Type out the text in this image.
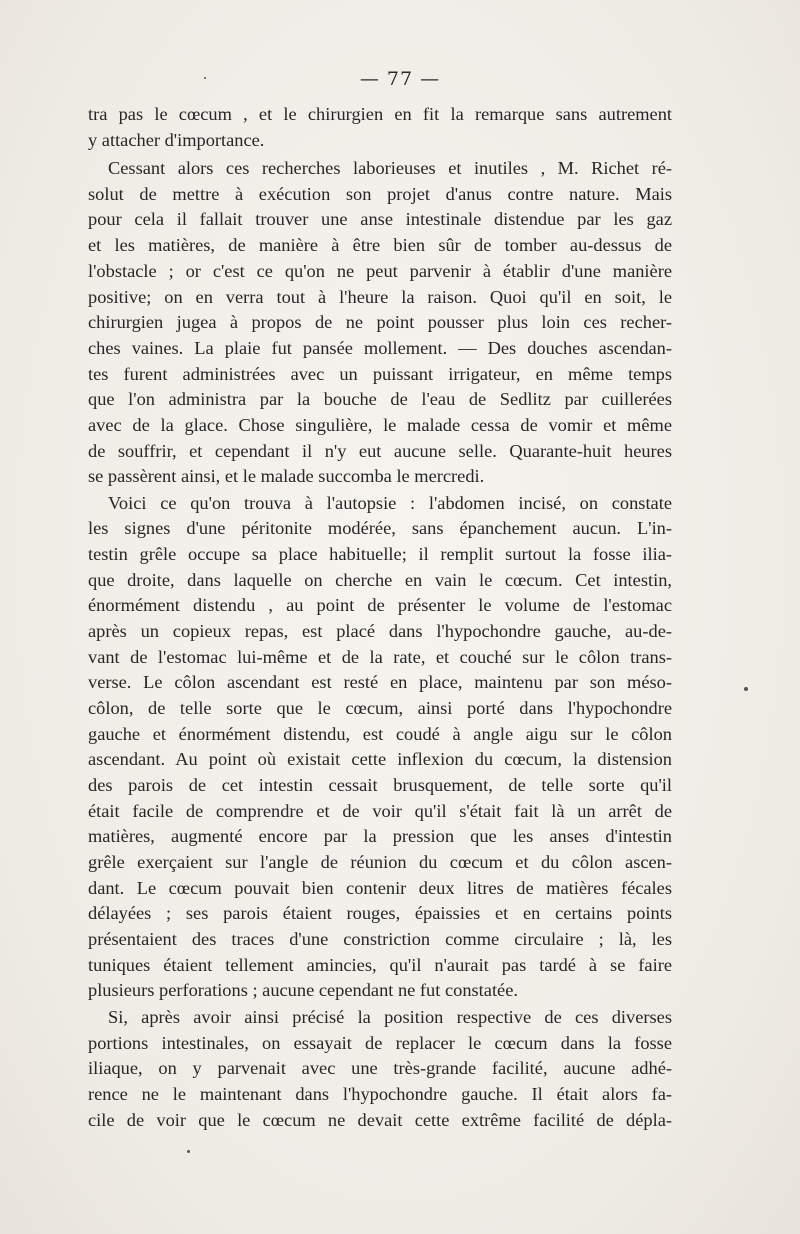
— 77 —
tra pas le cœcum , et le chirurgien en fit la remarque sans autrement
y attacher d'importance.
Cessant alors ces recherches laborieuses et inutiles , M. Richet ré-
solut de mettre à exécution son projet d'anus contre nature. Mais
pour cela il fallait trouver une anse intestinale distendue par les gaz
et les matières, de manière à être bien sûr de tomber au-dessus de
l'obstacle ; or c'est ce qu'on ne peut parvenir à établir d'une manière
positive; on en verra tout à l'heure la raison. Quoi qu'il en soit, le
chirurgien jugea à propos de ne point pousser plus loin ces recher-
ches vaines. La plaie fut pansée mollement. — Des douches ascendan-
tes furent administrées avec un puissant irrigateur, en même temps
que l'on administra par la bouche de l'eau de Sedlitz par cuillerées
avec de la glace. Chose singulière, le malade cessa de vomir et même
de souffrir, et cependant il n'y eut aucune selle. Quarante-huit heures
se passèrent ainsi, et le malade succomba le mercredi.
Voici ce qu'on trouva à l'autopsie : l'abdomen incisé, on constate
les signes d'une péritonite modérée, sans épanchement aucun. L'in-
testin grêle occupe sa place habituelle; il remplit surtout la fosse ilia-
que droite, dans laquelle on cherche en vain le cœcum. Cet intestin,
énormément distendu , au point de présenter le volume de l'estomac
après un copieux repas, est placé dans l'hypochondre gauche, au-de-
vant de l'estomac lui-même et de la rate, et couché sur le côlon trans-
verse. Le côlon ascendant est resté en place, maintenu par son méso-
côlon, de telle sorte que le cœcum, ainsi porté dans l'hypochondre
gauche et énormément distendu, est coudé à angle aigu sur le côlon
ascendant. Au point où existait cette inflexion du cœcum, la distension
des parois de cet intestin cessait brusquement, de telle sorte qu'il
était facile de comprendre et de voir qu'il s'était fait là un arrêt de
matières, augmenté encore par la pression que les anses d'intestin
grêle exerçaient sur l'angle de réunion du cœcum et du côlon ascen-
dant. Le cœcum pouvait bien contenir deux litres de matières fécales
délayées ; ses parois étaient rouges, épaissies et en certains points
présentaient des traces d'une constriction comme circulaire ; là, les
tuniques étaient tellement amincies, qu'il n'aurait pas tardé à se faire
plusieurs perforations ; aucune cependant ne fut constatée.
Si, après avoir ainsi précisé la position respective de ces diverses
portions intestinales, on essayait de replacer le cœcum dans la fosse
iliaque, on y parvenait avec une très-grande facilité, aucune adhé-
rence ne le maintenant dans l'hypochondre gauche. Il était alors fa-
cile de voir que le cœcum ne devait cette extrême facilité de dépla-
